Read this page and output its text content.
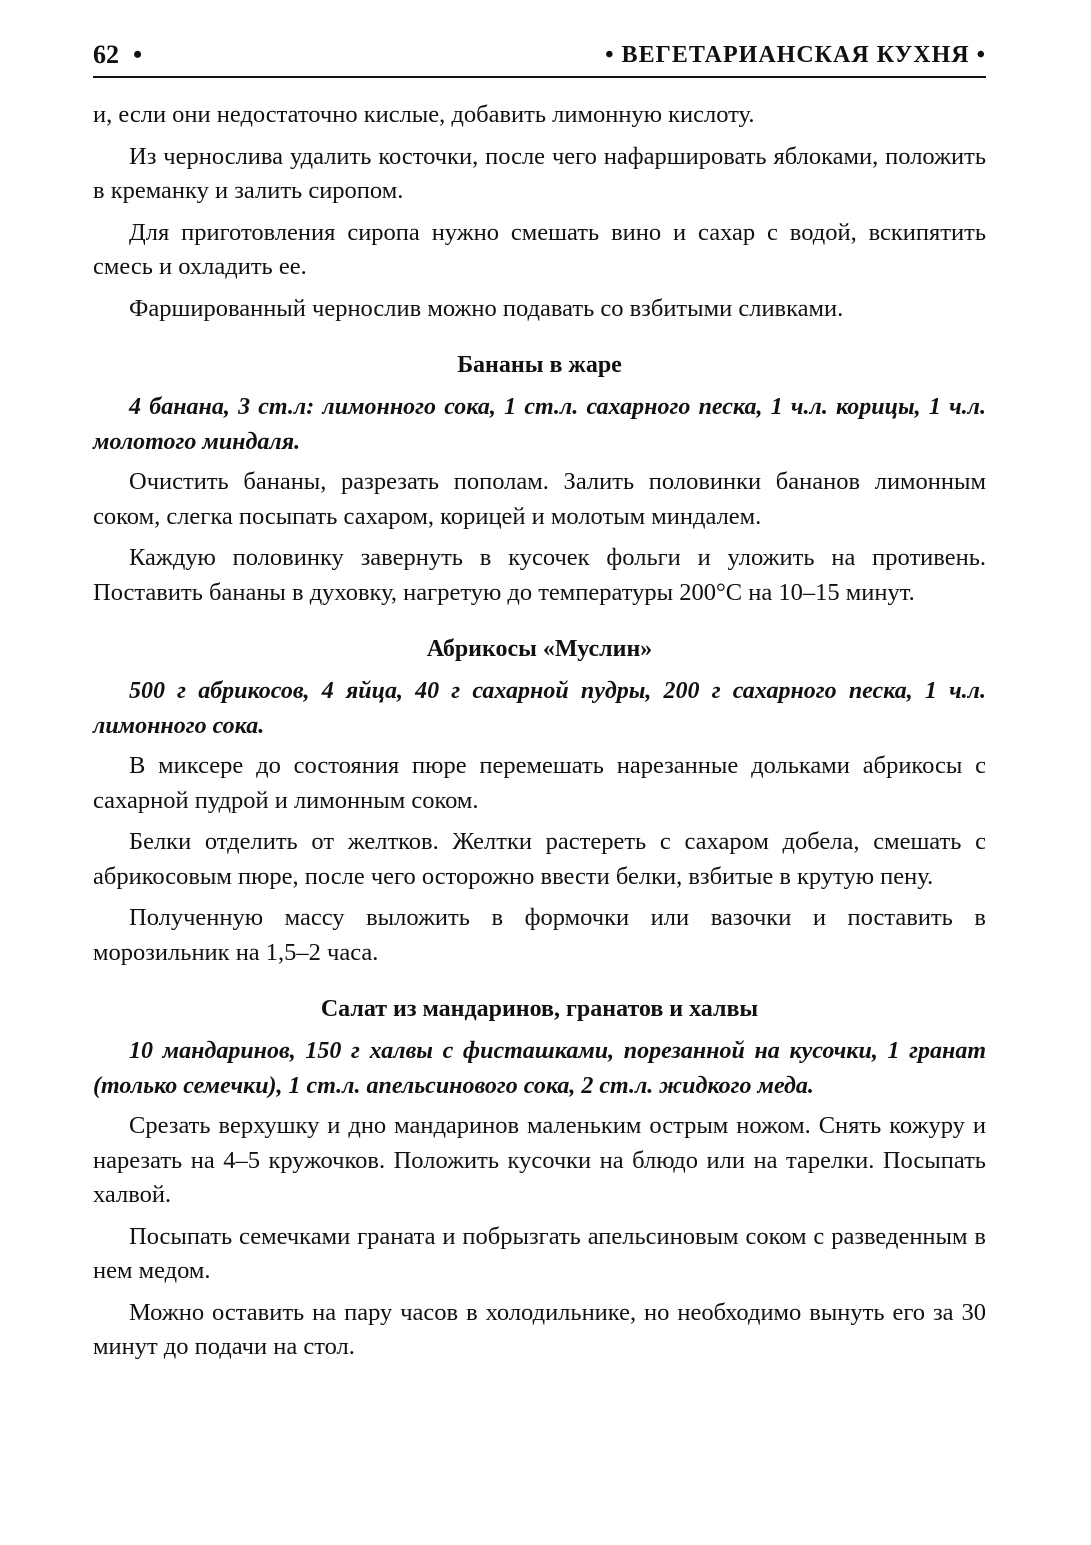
62 •	• ВЕГЕТАРИАНСКАЯ КУХНЯ •

и, если они недостаточно кислые, добавить лимонную кислоту.

Из чернослива удалить косточки, после чего нафаршировать яблоками, положить в креманку и залить сиропом.

Для приготовления сиропа нужно смешать вино и сахар с водой, вскипятить смесь и охладить ее.

Фаршированный чернослив можно подавать со взбитыми сливками.

Бананы в жаре
4 банана, 3 ст.л: лимонного сока, 1 ст.л. сахарного песка, 1 ч.л. корицы, 1 ч.л. молотого миндаля.

Очистить бананы, разрезать пополам. Залить половинки бананов лимонным соком, слегка посыпать сахаром, корицей и молотым миндалем.

Каждую половинку завернуть в кусочек фольги и уложить на противень. Поставить бананы в духовку, нагретую до температуры 200°С на 10–15 минут.

Абрикосы «Муслин»
500 г абрикосов, 4 яйца, 40 г сахарной пудры, 200 г сахарного песка, 1 ч.л. лимонного сока.

В миксере до состояния пюре перемешать нарезанные дольками абрикосы с сахарной пудрой и лимонным соком.

Белки отделить от желтков. Желтки растереть с сахаром добела, смешать с абрикосовым пюре, после чего осторожно ввести белки, взбитые в крутую пену.

Полученную массу выложить в формочки или вазочки и поставить в морозильник на 1,5–2 часа.

Салат из мандаринов, гранатов и халвы
10 мандаринов, 150 г халвы с фисташками, порезанной на кусочки, 1 гранат (только семечки), 1 ст.л. апельсинового сока, 2 ст.л. жидкого меда.

Срезать верхушку и дно мандаринов маленьким острым ножом. Снять кожуру и нарезать на 4–5 кружочков. Положить кусочки на блюдо или на тарелки. Посыпать халвой.

Посыпать семечками граната и побрызгать апельсиновым соком с разведенным в нем медом.

Можно оставить на пару часов в холодильнике, но необходимо вынуть его за 30 минут до подачи на стол.
